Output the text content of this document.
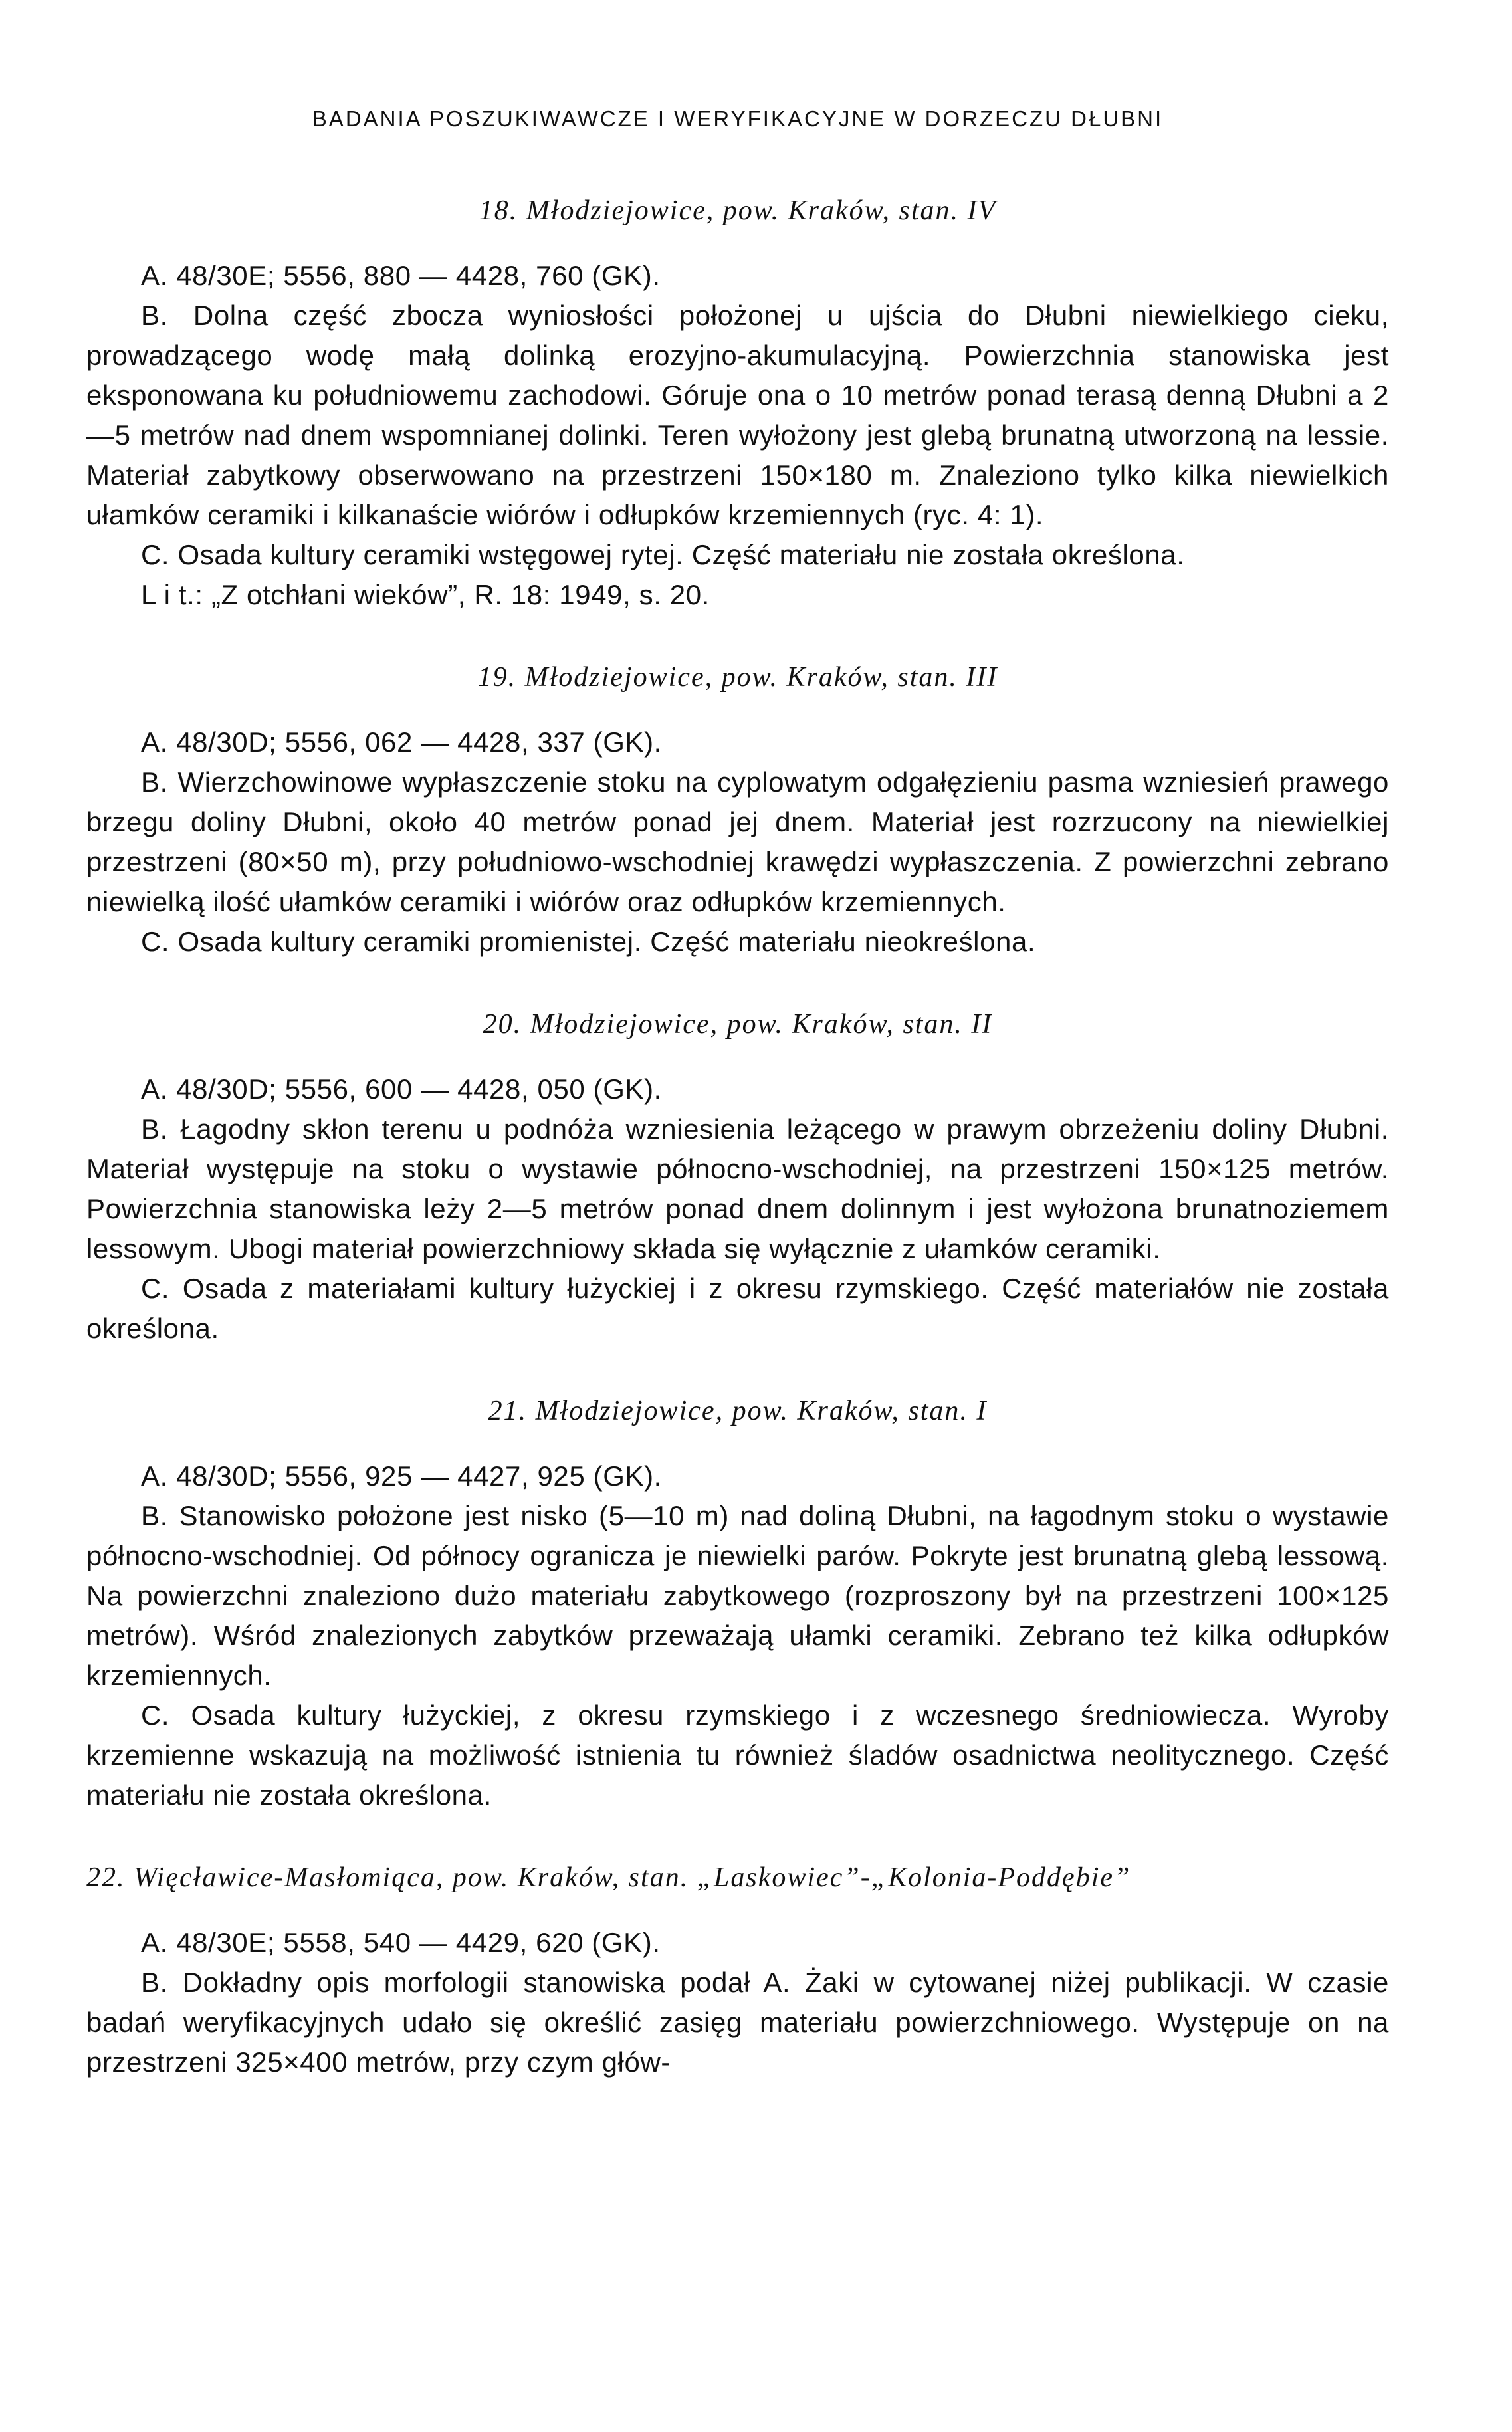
BADANIA POSZUKIWAWCZE I WERYFIKACYJNE W DORZECZU DŁUBNI
18. Młodziejowice, pow. Kraków, stan. IV

A. 48/30E; 5556, 880 — 4428, 760 (GK).

B. Dolna część zbocza wyniosłości położonej u ujścia do Dłubni niewielkiego cieku, prowadzącego wodę małą dolinką erozyjno-akumulacyjną. Powierzchnia stanowiska jest eksponowana ku południowemu zachodowi. Góruje ona o 10 metrów ponad terasą denną Dłubni a 2—5 metrów nad dnem wspomnianej dolinki. Teren wyłożony jest glebą brunatną utworzoną na lessie. Materiał zabytkowy obserwowano na przestrzeni 150×180 m. Znaleziono tylko kilka niewielkich ułamków ceramiki i kilkanaście wiórów i odłupków krzemiennych (ryc. 4: 1).

C. Osada kultury ceramiki wstęgowej rytej. Część materiału nie została określona.

L i t.: „Z otchłani wieków”, R. 18: 1949, s. 20.

19. Młodziejowice, pow. Kraków, stan. III

A. 48/30D; 5556, 062 — 4428, 337 (GK).

B. Wierzchowinowe wypłaszczenie stoku na cyplowatym odgałęzieniu pasma wzniesień prawego brzegu doliny Dłubni, około 40 metrów ponad jej dnem. Materiał jest rozrzucony na niewielkiej przestrzeni (80×50 m), przy południowo-wschodniej krawędzi wypłaszczenia. Z powierzchni zebrano niewielką ilość ułamków ceramiki i wiórów oraz odłupków krzemiennych.

C. Osada kultury ceramiki promienistej. Część materiału nieokreślona.

20. Młodziejowice, pow. Kraków, stan. II

A. 48/30D; 5556, 600 — 4428, 050 (GK).

B. Łagodny skłon terenu u podnóża wzniesienia leżącego w prawym obrzeżeniu doliny Dłubni. Materiał występuje na stoku o wystawie północno-wschodniej, na przestrzeni 150×125 metrów. Powierzchnia stanowiska leży 2—5 metrów ponad dnem dolinnym i jest wyłożona brunatnoziemem lessowym. Ubogi materiał powierzchniowy składa się wyłącznie z ułamków ceramiki.

C. Osada z materiałami kultury łużyckiej i z okresu rzymskiego. Część materiałów nie została określona.

21. Młodziejowice, pow. Kraków, stan. I

A. 48/30D; 5556, 925 — 4427, 925 (GK).

B. Stanowisko położone jest nisko (5—10 m) nad doliną Dłubni, na łagodnym stoku o wystawie północno-wschodniej. Od północy ogranicza je niewielki parów. Pokryte jest brunatną glebą lessową. Na powierzchni znaleziono dużo materiału zabytkowego (rozproszony był na przestrzeni 100×125 metrów). Wśród znalezionych zabytków przeważają ułamki ceramiki. Zebrano też kilka odłupków krzemiennych.

C. Osada kultury łużyckiej, z okresu rzymskiego i z wczesnego średniowiecza. Wyroby krzemienne wskazują na możliwość istnienia tu również śladów osadnictwa neolitycznego. Część materiału nie została określona.

22. Więcławice-Masłomiąca, pow. Kraków, stan. „Laskowiec”-„Kolonia-Poddębie”

A. 48/30E; 5558, 540 — 4429, 620 (GK).

B. Dokładny opis morfologii stanowiska podał A. Żaki w cytowanej niżej publikacji. W czasie badań weryfikacyjnych udało się określić zasięg materiału powierzchniowego. Występuje on na przestrzeni 325×400 metrów, przy czym głów-
